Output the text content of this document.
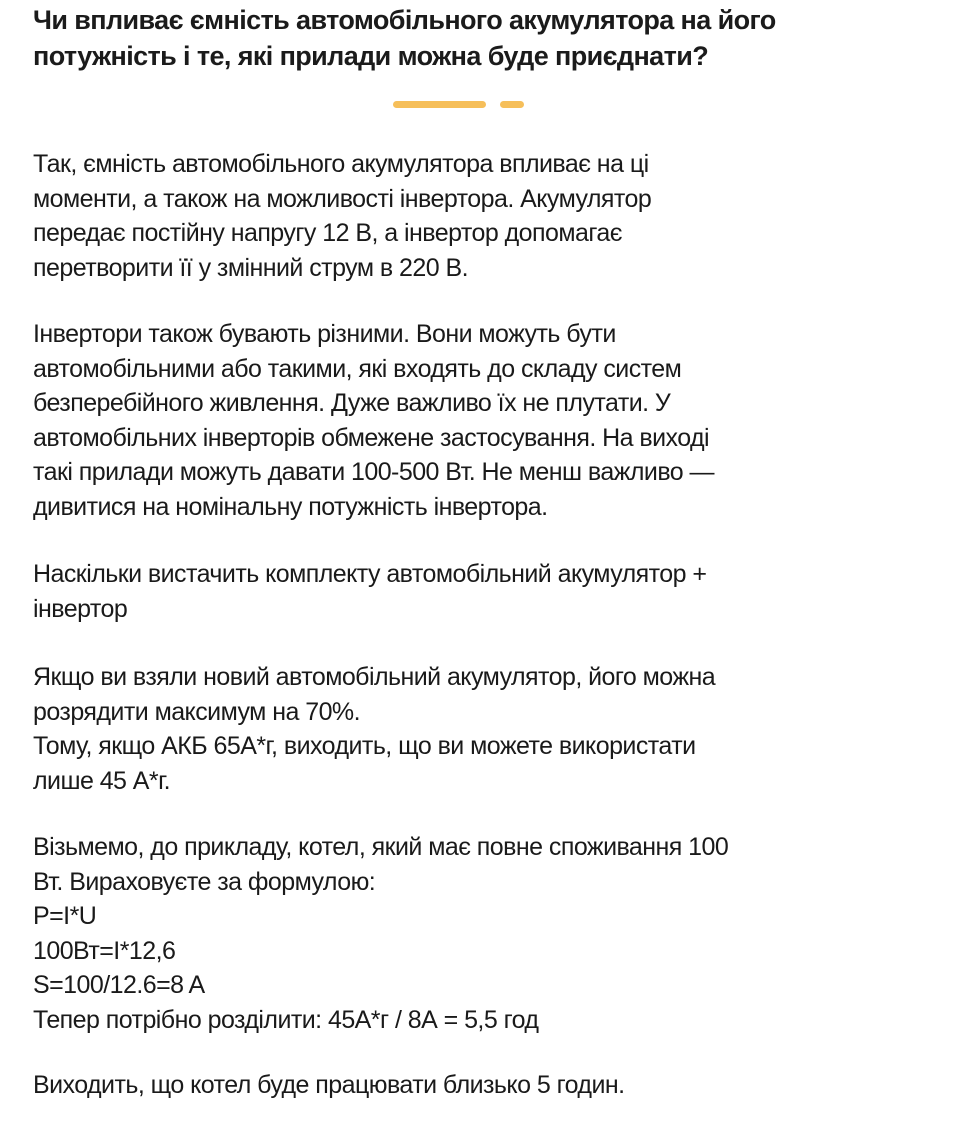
Чи впливає ємність автомобільного акумулятора на його
потужність і те, які прилади можна буде приєднати?
Так, ємність автомобільного акумулятора впливає на ці
моменти, а також на можливості інвертора. Акумулятор
передає постійну напругу 12 В, а інвертор допомагає
перетворити її у змінний струм в 220 В.
Інвертори також бувають різними. Вони можуть бути
автомобільними або такими, які входять до складу систем
безперебійного живлення. Дуже важливо їх не плутати. У
автомобільних інверторів обмежене застосування. На виході
такі прилади можуть давати 100-500 Вт. Не менш важливо —
дивитися на номінальну потужність інвертора.
Наскільки вистачить комплекту автомобільний акумулятор +
інвертор
Якщо ви взяли новий автомобільний акумулятор, його можна
розрядити максимум на 70%.
Тому, якщо АКБ 65А*г, виходить, що ви можете використати
лише 45 А*г.
Візьмемо, до прикладу, котел, який має повне споживання 100
Вт. Вираховуєте за формулою:
P=I*U
100Вт=I*12,6
S=100/12.6=8 A
Тепер потрібно розділити: 45А*г / 8А = 5,5 год
Виходить, що котел буде працювати близько 5 годин.
